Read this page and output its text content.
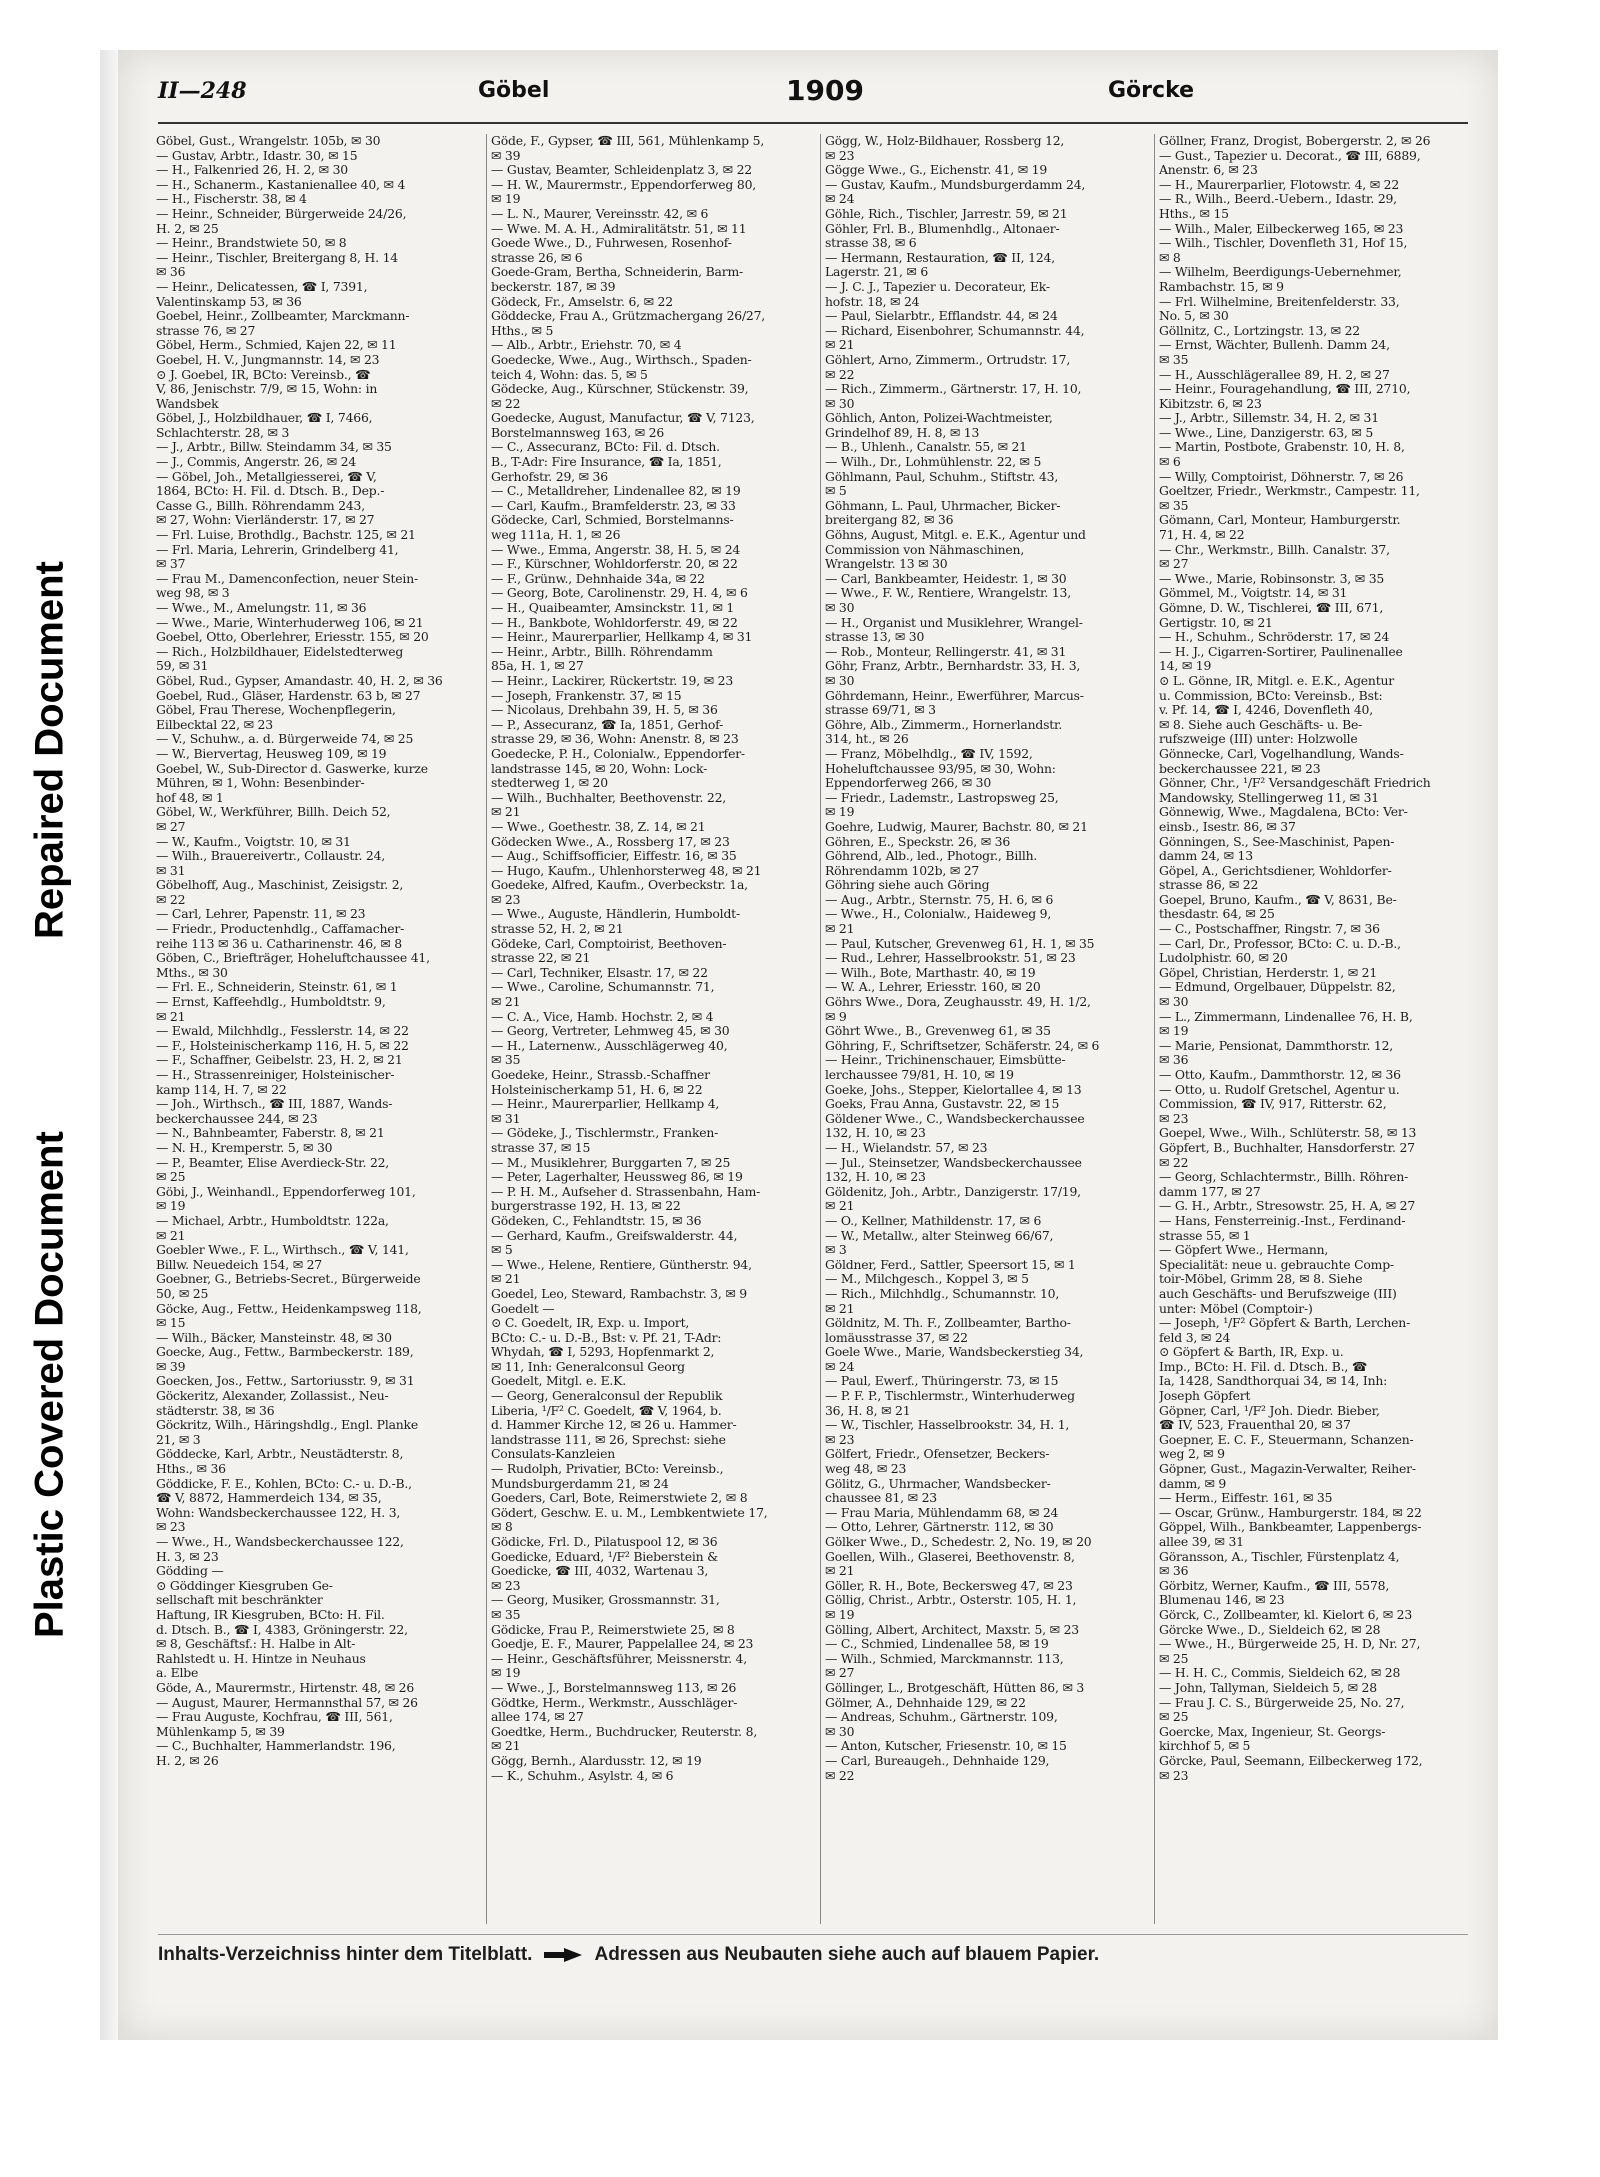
Repaired Document
Plastic Covered Document
II—248	Göbel	1909	Görcke
Göbel, Gust., Wrangelstr. 105b, ✉ 30
— Gustav, Arbtr., Idastr. 30, ✉ 15
— H., Falkenried 26, H. 2, ✉ 30
— H., Schanerm., Kastanienallee 40, ✉ 4
— H., Fischerstr. 38, ✉ 4
— Heinr., Schneider, Bürgerweide 24/26,
H. 2, ✉ 25
— Heinr., Brandstwiete 50, ✉ 8
— Heinr., Tischler, Breitergang 8, H. 14
✉ 36
— Heinr., Delicatessen, ☎ I, 7391,
Valentinskamp 53, ✉ 36
Goebel, Heinr., Zollbeamter, Marckmann-
strasse 76, ✉ 27
Göbel, Herm., Schmied, Kajen 22, ✉ 11
Goebel, H. V., Jungmannstr. 14, ✉ 23
⊙ J. Goebel, IR, BCto: Vereinsb., ☎
V, 86, Jenischstr. 7/9, ✉ 15, Wohn: in
Wandsbek
Göbel, J., Holzbildhauer, ☎ I, 7466,
Schlachterstr. 28, ✉ 3
— J., Arbtr., Billw. Steindamm 34, ✉ 35
— J., Commis, Angerstr. 26, ✉ 24
— Göbel, Joh., Metallgiesserei, ☎ V,
1864, BCto: H. Fil. d. Dtsch. B., Dep.-
Casse G., Billh. Röhrendamm 243,
✉ 27, Wohn: Vierländerstr. 17, ✉ 27
— Frl. Luise, Brothdlg., Bachstr. 125, ✉ 21
— Frl. Maria, Lehrerin, Grindelberg 41,
✉ 37
— Frau M., Damenconfection, neuer Stein-
weg 98, ✉ 3
— Wwe., M., Amelungstr. 11, ✉ 36
— Wwe., Marie, Winterhuderweg 106, ✉ 21
Goebel, Otto, Oberlehrer, Eriesstr. 155, ✉ 20
— Rich., Holzbildhauer, Eidelstedterweg
59, ✉ 31
Göbel, Rud., Gypser, Amandastr. 40, H. 2, ✉ 36
Goebel, Rud., Gläser, Hardenstr. 63 b, ✉ 27
Göbel, Frau Therese, Wochenpflegerin,
Eilbecktal 22, ✉ 23
— V., Schuhw., a. d. Bürgerweide 74, ✉ 25
— W., Biervertag, Heusweg 109, ✉ 19
Goebel, W., Sub-Director d. Gaswerke, kurze
Mühren, ✉ 1, Wohn: Besenbinder-
hof 48, ✉ 1
Göbel, W., Werkführer, Billh. Deich 52,
✉ 27
— W., Kaufm., Voigtstr. 10, ✉ 31
— Wilh., Brauereivertr., Collaustr. 24,
✉ 31
Göbelhoff, Aug., Maschinist, Zeisigstr. 2,
✉ 22
— Carl, Lehrer, Papenstr. 11, ✉ 23
— Friedr., Productenhdlg., Caffamacher-
reihe 113 ✉ 36 u. Catharinenstr. 46, ✉ 8
Göben, C., Briefträger, Hoheluftchaussee 41,
Mths., ✉ 30
— Frl. E., Schneiderin, Steinstr. 61, ✉ 1
— Ernst, Kaffeehdlg., Humboldtstr. 9,
✉ 21
— Ewald, Milchhdlg., Fesslerstr. 14, ✉ 22
— F., Holsteinischerkamp 116, H. 5, ✉ 22
— F., Schaffner, Geibelstr. 23, H. 2, ✉ 21
— H., Strassenreiniger, Holsteinischer-
kamp 114, H. 7, ✉ 22
— Joh., Wirthsch., ☎ III, 1887, Wands-
beckerchaussee 244, ✉ 23
— N., Bahnbeamter, Faberstr. 8, ✉ 21
— N. H., Kremperstr. 5, ✉ 30
— P., Beamter, Elise Averdieck-Str. 22,
✉ 25
Göbi, J., Weinhandl., Eppendorferweg 101,
✉ 19
— Michael, Arbtr., Humboldtstr. 122a,
✉ 21
Goebler Wwe., F. L., Wirthsch., ☎ V, 141,
Billw. Neuedeich 154, ✉ 27
Goebner, G., Betriebs-Secret., Bürgerweide
50, ✉ 25
Göcke, Aug., Fettw., Heidenkampsweg 118,
✉ 15
— Wilh., Bäcker, Mansteinstr. 48, ✉ 30
Goecke, Aug., Fettw., Barmbeckerstr. 189,
✉ 39
Goecken, Jos., Fettw., Sartoriusstr. 9, ✉ 31
Göckeritz, Alexander, Zollassist., Neu-
städterstr. 38, ✉ 36
Göckritz, Wilh., Häringshdlg., Engl. Planke
21, ✉ 3
Göddecke, Karl, Arbtr., Neustädterstr. 8,
Hths., ✉ 36
Göddicke, F. E., Kohlen, BCto: C.- u. D.-B.,
☎ V, 8872, Hammerdeich 134, ✉ 35,
Wohn: Wandsbeckerchaussee 122, H. 3,
✉ 23
— Wwe., H., Wandsbeckerchaussee 122,
H. 3, ✉ 23
Gödding —
⊙ Göddinger Kiesgruben Ge-
sellschaft mit beschränkter
Haftung, IR Kiesgruben, BCto: H. Fil.
d. Dtsch. B., ☎ I, 4383, Gröningerstr. 22,
✉ 8, Geschäftsf.: H. Halbe in Alt-
Rahlstedt u. H. Hintze in Neuhaus
a. Elbe
Göde, A., Maurermstr., Hirtenstr. 48, ✉ 26
— August, Maurer, Hermannsthal 57, ✉ 26
— Frau Auguste, Kochfrau, ☎ III, 561,
Mühlenkamp 5, ✉ 39
— C., Buchhalter, Hammerlandstr. 196,
H. 2, ✉ 26
Göde, F., Gypser, ☎ III, 561, Mühlenkamp 5,
✉ 39
— Gustav, Beamter, Schleidenplatz 3, ✉ 22
— H. W., Maurermstr., Eppendorferweg 80,
✉ 19
— L. N., Maurer, Vereinsstr. 42, ✉ 6
— Wwe. M. A. H., Admiralitätstr. 51, ✉ 11
Goede Wwe., D., Fuhrwesen, Rosenhof-
strasse 26, ✉ 6
Goede-Gram, Bertha, Schneiderin, Barm-
beckerstr. 187, ✉ 39
Gödeck, Fr., Amselstr. 6, ✉ 22
Göddecke, Frau A., Grützmachergang 26/27,
Hths., ✉ 5
— Alb., Arbtr., Eriehstr. 70, ✉ 4
Goedecke, Wwe., Aug., Wirthsch., Spaden-
teich 4, Wohn: das. 5, ✉ 5
Gödecke, Aug., Kürschner, Stückenstr. 39,
✉ 22
Goedecke, August, Manufactur, ☎ V, 7123,
Borstelmannsweg 163, ✉ 26
— C., Assecuranz, BCto: Fil. d. Dtsch.
B., T-Adr: Fire Insurance, ☎ Ia, 1851,
Gerhofstr. 29, ✉ 36
— C., Metalldreher, Lindenallee 82, ✉ 19
— Carl, Kaufm., Bramfelderstr. 23, ✉ 33
Gödecke, Carl, Schmied, Borstelmanns-
weg 111a, H. 1, ✉ 26
— Wwe., Emma, Angerstr. 38, H. 5, ✉ 24
— F., Kürschner, Wohldorferstr. 20, ✉ 22
— F., Grünw., Dehnhaide 34a, ✉ 22
— Georg, Bote, Carolinenstr. 29, H. 4, ✉ 6
— H., Quaibeamter, Amsinckstr. 11, ✉ 1
— H., Bankbote, Wohldorferstr. 49, ✉ 22
— Heinr., Maurerparlier, Hellkamp 4, ✉ 31
— Heinr., Arbtr., Billh. Röhrendamm
85a, H. 1, ✉ 27
— Heinr., Lackirer, Rückertstr. 19, ✉ 23
— Joseph, Frankenstr. 37, ✉ 15
— Nicolaus, Drehbahn 39, H. 5, ✉ 36
— P., Assecuranz, ☎ Ia, 1851, Gerhof-
strasse 29, ✉ 36, Wohn: Anenstr. 8, ✉ 23
Goedecke, P. H., Colonialw., Eppendorfer-
landstrasse 145, ✉ 20, Wohn: Lock-
stedterweg 1, ✉ 20
— Wilh., Buchhalter, Beethovenstr. 22,
✉ 21
— Wwe., Goethestr. 38, Z. 14, ✉ 21
Gödecken Wwe., A., Rossberg 17, ✉ 23
— Aug., Schiffsofficier, Eiffestr. 16, ✉ 35
— Hugo, Kaufm., Uhlenhorsterweg 48, ✉ 21
Goedeke, Alfred, Kaufm., Overbeckstr. 1a,
✉ 23
— Wwe., Auguste, Händlerin, Humboldt-
strasse 52, H. 2, ✉ 21
Gödeke, Carl, Comptoirist, Beethoven-
strasse 22, ✉ 21
— Carl, Techniker, Elsastr. 17, ✉ 22
— Wwe., Caroline, Schumannstr. 71,
✉ 21
— C. A., Vice, Hamb. Hochstr. 2, ✉ 4
— Georg, Vertreter, Lehmweg 45, ✉ 30
— H., Laternenw., Ausschlägerweg 40,
✉ 35
Goedeke, Heinr., Strassb.-Schaffner
Holsteinischerkamp 51, H. 6, ✉ 22
— Heinr., Maurerparlier, Hellkamp 4,
✉ 31
— Gödeke, J., Tischlermstr., Franken-
strasse 37, ✉ 15
— M., Musiklehrer, Burggarten 7, ✉ 25
— Peter, Lagerhalter, Heussweg 86, ✉ 19
— P. H. M., Aufseher d. Strassenbahn, Ham-
burgerstrasse 192, H. 13, ✉ 22
Gödeken, C., Fehlandtstr. 15, ✉ 36
— Gerhard, Kaufm., Greifswalderstr. 44,
✉ 5
— Wwe., Helene, Rentiere, Güntherstr. 94,
✉ 21
Goedel, Leo, Steward, Rambachstr. 3, ✉ 9
Goedelt —
⊙ C. Goedelt, IR, Exp. u. Import,
BCto: C.- u. D.-B., Bst: v. Pf. 21, T-Adr:
Whydah, ☎ I, 5293, Hopfenmarkt 2,
✉ 11, Inh: Generalconsul Georg
Goedelt, Mitgl. e. E.K.
— Georg, Generalconsul der Republik
Liberia, ¹/F² C. Goedelt, ☎ V, 1964, b.
d. Hammer Kirche 12, ✉ 26 u. Hammer-
landstrasse 111, ✉ 26, Sprechst: siehe
Consulats-Kanzleien
— Rudolph, Privatier, BCto: Vereinsb.,
Mundsburgerdamm 21, ✉ 24
Goeders, Carl, Bote, Reimerstwiete 2, ✉ 8
Gödert, Geschw. E. u. M., Lembkentwiete 17,
✉ 8
Gödicke, Frl. D., Pilatuspool 12, ✉ 36
Goedicke, Eduard, ¹/F² Bieberstein &
Goedicke, ☎ III, 4032, Wartenau 3,
✉ 23
— Georg, Musiker, Grossmannstr. 31,
✉ 35
Gödicke, Frau P., Reimerstwiete 25, ✉ 8
Goedje, E. F., Maurer, Pappelallee 24, ✉ 23
— Heinr., Geschäftsführer, Meissnerstr. 4,
✉ 19
— Wwe., J., Borstelmannsweg 113, ✉ 26
Gödtke, Herm., Werkmstr., Ausschläger-
allee 174, ✉ 27
Goedtke, Herm., Buchdrucker, Reuterstr. 8,
✉ 21
Gögg, Bernh., Alardusstr. 12, ✉ 19
— K., Schuhm., Asylstr. 4, ✉ 6
Gögg, W., Holz-Bildhauer, Rossberg 12,
✉ 23
Gögge Wwe., G., Eichenstr. 41, ✉ 19
— Gustav, Kaufm., Mundsburgerdamm 24,
✉ 24
Göhle, Rich., Tischler, Jarrestr. 59, ✉ 21
Göhler, Frl. B., Blumenhdlg., Altonaer-
strasse 38, ✉ 6
— Hermann, Restauration, ☎ II, 124,
Lagerstr. 21, ✉ 6
— J. C. J., Tapezier u. Decorateur, Ek-
hofstr. 18, ✉ 24
— Paul, Sielarbtr., Efflandstr. 44, ✉ 24
— Richard, Eisenbohrer, Schumannstr. 44,
✉ 21
Göhlert, Arno, Zimmerm., Ortrudstr. 17,
✉ 22
— Rich., Zimmerm., Gärtnerstr. 17, H. 10,
✉ 30
Göhlich, Anton, Polizei-Wachtmeister,
Grindelhof 89, H. 8, ✉ 13
— B., Uhlenh., Canalstr. 55, ✉ 21
— Wilh., Dr., Lohmühlenstr. 22, ✉ 5
Göhlmann, Paul, Schuhm., Stiftstr. 43,
✉ 5
Göhmann, L. Paul, Uhrmacher, Bicker-
breitergang 82, ✉ 36
Göhns, August, Mitgl. e. E.K., Agentur und
Commission von Nähmaschinen,
Wrangelstr. 13 ✉ 30
— Carl, Bankbeamter, Heidestr. 1, ✉ 30
— Wwe., F. W., Rentiere, Wrangelstr. 13,
✉ 30
— H., Organist und Musiklehrer, Wrangel-
strasse 13, ✉ 30
— Rob., Monteur, Rellingerstr. 41, ✉ 31
Göhr, Franz, Arbtr., Bernhardstr. 33, H. 3,
✉ 30
Göhrdemann, Heinr., Ewerführer, Marcus-
strasse 69/71, ✉ 3
Göhre, Alb., Zimmerm., Hornerlandstr.
314, ht., ✉ 26
— Franz, Möbelhdlg., ☎ IV, 1592,
Hoheluftchaussee 93/95, ✉ 30, Wohn:
Eppendorferweg 266, ✉ 30
— Friedr., Lademstr., Lastropsweg 25,
✉ 19
Goehre, Ludwig, Maurer, Bachstr. 80, ✉ 21
Göhren, E., Speckstr. 26, ✉ 36
Göhrend, Alb., led., Photogr., Billh.
Röhrendamm 102b, ✉ 27
Göhring siehe auch Göring
— Aug., Arbtr., Sternstr. 75, H. 6, ✉ 6
— Wwe., H., Colonialw., Haideweg 9,
✉ 21
— Paul, Kutscher, Grevenweg 61, H. 1, ✉ 35
— Rud., Lehrer, Hasselbrookstr. 51, ✉ 23
— Wilh., Bote, Marthastr. 40, ✉ 19
— W. A., Lehrer, Eriesstr. 160, ✉ 20
Göhrs Wwe., Dora, Zeughausstr. 49, H. 1/2,
✉ 9
Göhrt Wwe., B., Grevenweg 61, ✉ 35
Göhring, F., Schriftsetzer, Schäferstr. 24, ✉ 6
— Heinr., Trichinenschauer, Eimsbütte-
lerchaussee 79/81, H. 10, ✉ 19
Goeke, Johs., Stepper, Kielortallee 4, ✉ 13
Goeks, Frau Anna, Gustavstr. 22, ✉ 15
Göldener Wwe., C., Wandsbeckerchaussee
132, H. 10, ✉ 23
— H., Wielandstr. 57, ✉ 23
— Jul., Steinsetzer, Wandsbeckerchaussee
132, H. 10, ✉ 23
Göldenitz, Joh., Arbtr., Danzigerstr. 17/19,
✉ 21
— O., Kellner, Mathildenstr. 17, ✉ 6
— W., Metallw., alter Steinweg 66/67,
✉ 3
Göldner, Ferd., Sattler, Speersort 15, ✉ 1
— M., Milchgesch., Koppel 3, ✉ 5
— Rich., Milchhdlg., Schumannstr. 10,
✉ 21
Göldnitz, M. Th. F., Zollbeamter, Bartho-
lomäusstrasse 37, ✉ 22
Goele Wwe., Marie, Wandsbeckerstieg 34,
✉ 24
— Paul, Ewerf., Thüringerstr. 73, ✉ 15
— P. F. P., Tischlermstr., Winterhuderweg
36, H. 8, ✉ 21
— W., Tischler, Hasselbrookstr. 34, H. 1,
✉ 23
Gölfert, Friedr., Ofensetzer, Beckers-
weg 48, ✉ 23
Gölitz, G., Uhrmacher, Wandsbecker-
chaussee 81, ✉ 23
— Frau Maria, Mühlendamm 68, ✉ 24
— Otto, Lehrer, Gärtnerstr. 112, ✉ 30
Gölker Wwe., D., Schedestr. 2, No. 19, ✉ 20
Goellen, Wilh., Glaserei, Beethovenstr. 8,
✉ 21
Göller, R. H., Bote, Beckersweg 47, ✉ 23
Göllig, Christ., Arbtr., Osterstr. 105, H. 1,
✉ 19
Gölling, Albert, Architect, Maxstr. 5, ✉ 23
— C., Schmied, Lindenallee 58, ✉ 19
— Wilh., Schmied, Marckmannstr. 113,
✉ 27
Göllinger, L., Brotgeschäft, Hütten 86, ✉ 3
Gölmer, A., Dehnhaide 129, ✉ 22
— Andreas, Schuhm., Gärtnerstr. 109,
✉ 30
— Anton, Kutscher, Friesenstr. 10, ✉ 15
— Carl, Bureaugeh., Dehnhaide 129,
✉ 22
Göllner, Franz, Drogist, Bobergerstr. 2, ✉ 26
— Gust., Tapezier u. Decorat., ☎ III, 6889,
Anenstr. 6, ✉ 23
— H., Maurerparlier, Flotowstr. 4, ✉ 22
— R., Wilh., Beerd.-Uebern., Idastr. 29,
Hths., ✉ 15
— Wilh., Maler, Eilbeckerweg 165, ✉ 23
— Wilh., Tischler, Dovenfleth 31, Hof 15,
✉ 8
— Wilhelm, Beerdigungs-Uebernehmer,
Rambachstr. 15, ✉ 9
— Frl. Wilhelmine, Breitenfelderstr. 33,
No. 5, ✉ 30
Göllnitz, C., Lortzingstr. 13, ✉ 22
— Ernst, Wächter, Bullenh. Damm 24,
✉ 35
— H., Ausschlägerallee 89, H. 2, ✉ 27
— Heinr., Fouragehandlung, ☎ III, 2710,
Kibitzstr. 6, ✉ 23
— J., Arbtr., Sillemstr. 34, H. 2, ✉ 31
— Wwe., Line, Danzigerstr. 63, ✉ 5
— Martin, Postbote, Grabenstr. 10, H. 8,
✉ 6
— Willy, Comptoirist, Döhnerstr. 7, ✉ 26
Goeltzer, Friedr., Werkmstr., Campestr. 11,
✉ 35
Gömann, Carl, Monteur, Hamburgerstr.
71, H. 4, ✉ 22
— Chr., Werkmstr., Billh. Canalstr. 37,
✉ 27
— Wwe., Marie, Robinsonstr. 3, ✉ 35
Gömmel, M., Voigtstr. 14, ✉ 31
Gömne, D. W., Tischlerei, ☎ III, 671,
Gertigstr. 10, ✉ 21
— H., Schuhm., Schröderstr. 17, ✉ 24
— H. J., Cigarren-Sortirer, Paulinenallee
14, ✉ 19
⊙ L. Gönne, IR, Mitgl. e. E.K., Agentur
u. Commission, BCto: Vereinsb., Bst:
v. Pf. 14, ☎ I, 4246, Dovenfleth 40,
✉ 8. Siehe auch Geschäfts- u. Be-
rufszweige (III) unter: Holzwolle
Gönnecke, Carl, Vogelhandlung, Wands-
beckerchaussee 221, ✉ 23
Gönner, Chr., ¹/F² Versandgeschäft Friedrich
Mandowsky, Stellingerweg 11, ✉ 31
Gönnewig, Wwe., Magdalena, BCto: Ver-
einsb., Isestr. 86, ✉ 37
Gönningen, S., See-Maschinist, Papen-
damm 24, ✉ 13
Göpel, A., Gerichtsdiener, Wohldorfer-
strasse 86, ✉ 22
Goepel, Bruno, Kaufm., ☎ V, 8631, Be-
thesdastr. 64, ✉ 25
— C., Postschaffner, Ringstr. 7, ✉ 36
— Carl, Dr., Professor, BCto: C. u. D.-B.,
Ludolphistr. 60, ✉ 20
Göpel, Christian, Herderstr. 1, ✉ 21
— Edmund, Orgelbauer, Düppelstr. 82,
✉ 30
— L., Zimmermann, Lindenallee 76, H. B,
✉ 19
— Marie, Pensionat, Dammthorstr. 12,
✉ 36
— Otto, Kaufm., Dammthorstr. 12, ✉ 36
— Otto, u. Rudolf Gretschel, Agentur u.
Commission, ☎ IV, 917, Ritterstr. 62,
✉ 23
Goepel, Wwe., Wilh., Schlüterstr. 58, ✉ 13
Göpfert, B., Buchhalter, Hansdorferstr. 27
✉ 22
— Georg, Schlachtermstr., Billh. Röhren-
damm 177, ✉ 27
— G. H., Arbtr., Stresowstr. 25, H. A, ✉ 27
— Hans, Fensterreinig.-Inst., Ferdinand-
strasse 55, ✉ 1
— Göpfert Wwe., Hermann,
Specialität: neue u. gebrauchte Comp-
toir-Möbel, Grimm 28, ✉ 8. Siehe
auch Geschäfts- und Berufszweige (III)
unter: Möbel (Comptoir-)
— Joseph, ¹/F² Göpfert & Barth, Lerchen-
feld 3, ✉ 24
⊙ Göpfert & Barth, IR, Exp. u.
Imp., BCto: H. Fil. d. Dtsch. B., ☎
Ia, 1428, Sandthorquai 34, ✉ 14, Inh:
Joseph Göpfert
Göpner, Carl, ¹/F² Joh. Diedr. Bieber,
☎ IV, 523, Frauenthal 20, ✉ 37
Goepner, E. C. F., Steuermann, Schanzen-
weg 2, ✉ 9
Göpner, Gust., Magazin-Verwalter, Reiher-
damm, ✉ 9
— Herm., Eiffestr. 161, ✉ 35
— Oscar, Grünw., Hamburgerstr. 184, ✉ 22
Göppel, Wilh., Bankbeamter, Lappenbergs-
allee 39, ✉ 31
Göransson, A., Tischler, Fürstenplatz 4,
✉ 36
Görbitz, Werner, Kaufm., ☎ III, 5578,
Blumenau 146, ✉ 23
Görck, C., Zollbeamter, kl. Kielort 6, ✉ 23
Görcke Wwe., D., Sieldeich 62, ✉ 28
— Wwe., H., Bürgerweide 25, H. D, Nr. 27,
✉ 25
— H. H. C., Commis, Sieldeich 62, ✉ 28
— John, Tallyman, Sieldeich 5, ✉ 28
— Frau J. C. S., Bürgerweide 25, No. 27,
✉ 25
Goercke, Max, Ingenieur, St. Georgs-
kirchhof 5, ✉ 5
Görcke, Paul, Seemann, Eilbeckerweg 172,
✉ 23
Inhalts-Verzeichniss hinter dem Titelblatt.	Adressen aus Neubauten siehe auch auf blauem Papier.
